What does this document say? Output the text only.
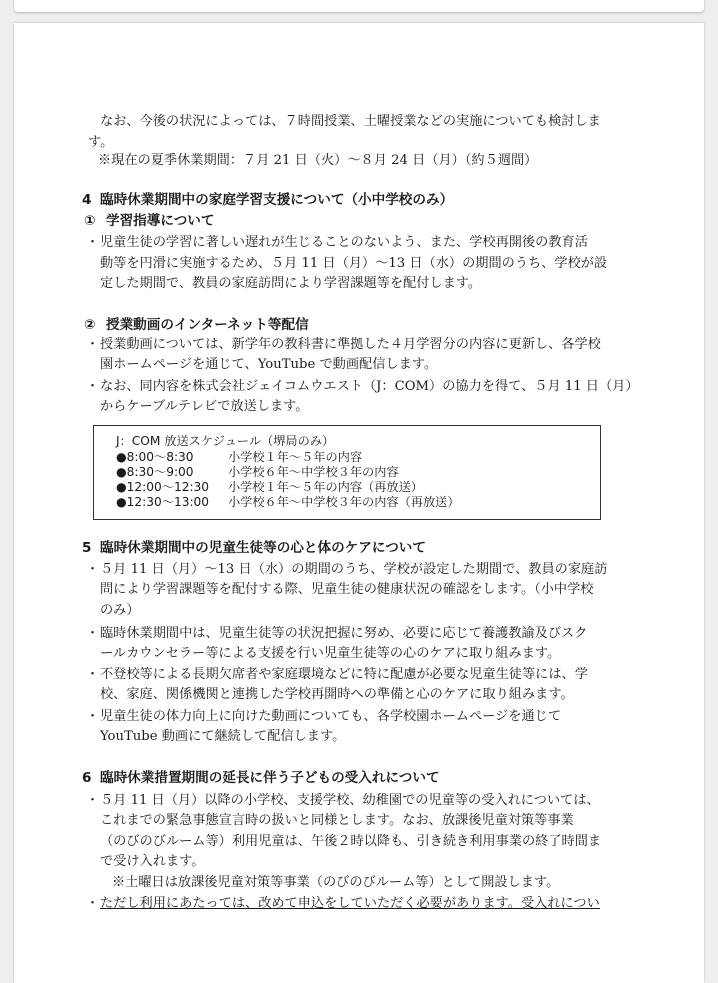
なお、今後の状況によっては、７時間授業、土曜授業などの実施についても検討しま
す。
※現在の夏季休業期間：７月 21 日（火）～８月 24 日（月）（約５週間）
4 臨時休業期間中の家庭学習支援について（小中学校のみ）
① 学習指導について
・ 児童生徒の学習に著しい遅れが生じることのないよう、また、学校再開後の教育活
動等を円滑に実施するため、５月 11 日（月）～13 日（水）の期間のうち、学校が設
定した期間で、教員の家庭訪問により学習課題等を配付します。
② 授業動画のインターネット等配信
・ 授業動画については、新学年の教科書に準拠した４月学習分の内容に更新し、各学校
園ホームページを通じて、YouTube で動画配信します。
・ なお、同内容を株式会社ジェイコムウエスト（J：COM）の協力を得て、５月 11 日（月）
からケーブルテレビで放送します。
J：COM 放送スケジュール（堺局のみ）
●8:00～8:30	小学校１年～５年の内容
●8:30～9:00	小学校６年～中学校３年の内容
●12:00～12:30 小学校１年～５年の内容（再放送）
●12:30～13:00 小学校６年～中学校３年の内容（再放送）
5 臨時休業期間中の児童生徒等の心と体のケアについて
・ ５月 11 日（月）～13 日（水）の期間のうち、学校が設定した期間で、教員の家庭訪
問により学習課題等を配付する際、児童生徒の健康状況の確認をします。（小中学校
のみ）
・ 臨時休業期間中は、児童生徒等の状況把握に努め、必要に応じて養護教諭及びスク
ールカウンセラー等による支援を行い児童生徒等の心のケアに取り組みます。
・ 不登校等による長期欠席者や家庭環境などに特に配慮が必要な児童生徒等には、学
校、家庭、関係機関と連携した学校再開時への準備と心のケアに取り組みます。
・ 児童生徒の体力向上に向けた動画についても、各学校園ホームページを通じて
YouTube 動画にて継続して配信します。
6 臨時休業措置期間の延長に伴う子どもの受入れについて
・ ５月 11 日（月）以降の小学校、支援学校、幼稚園での児童等の受入れについては、
これまでの緊急事態宣言時の扱いと同様とします。なお、放課後児童対策等事業
（のびのびルーム等）利用児童は、午後２時以降も、引き続き利用事業の終了時間ま
で受け入れます。
※土曜日は放課後児童対策等事業（のびのびルーム等）として開設します。
・ ただし利用にあたっては、改めて申込をしていただく必要があります。受入れについ
